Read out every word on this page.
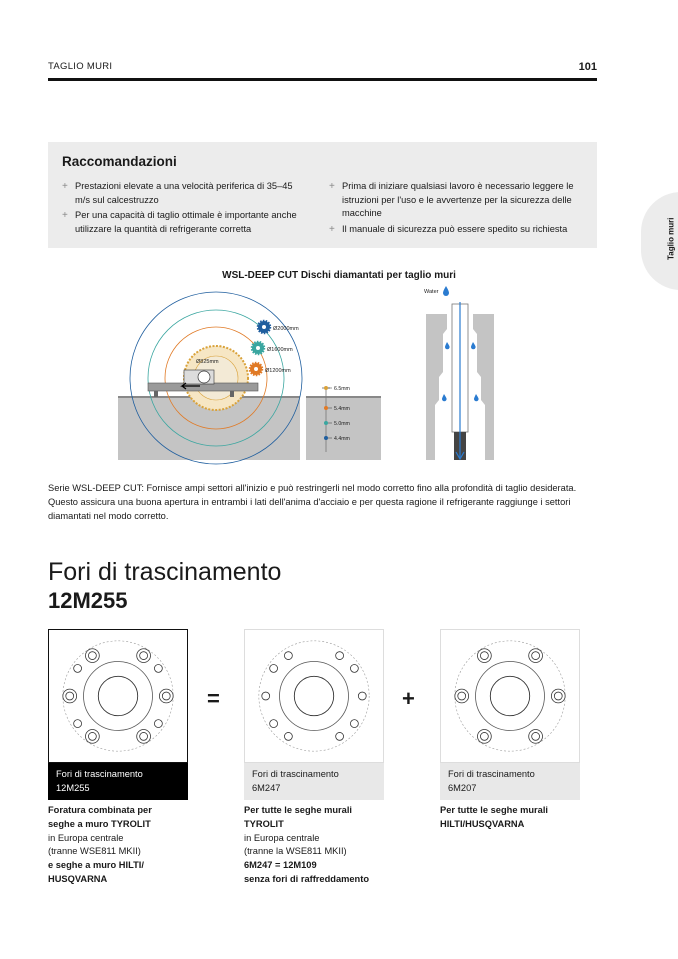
TAGLIO MURI	101
Taglio muri
Raccomandazioni
+ Prestazioni elevate a una velocità periferica di 35–45 m/s sul calcestruzzo
+ Per una capacità di taglio ottimale è importante anche utilizzare la quantità di refrigerante corretta
+ Prima di iniziare qualsiasi lavoro è necessario leggere le istruzioni per l'uso e le avvertenze per la sicurezza delle macchine
+ Il manuale di sicurezza può essere spedito su richiesta
WSL-DEEP CUT Dischi diamantati per taglio muri
Ø2000mm
Ø1600mm
Ø1200mm
Ø825mm
6.5mm
5.4mm
5.0mm
4.4mm
Water

Serie WSL-DEEP CUT: Fornisce ampi settori all'inizio e può restringerli nel modo corretto fino alla profondità di taglio desiderata. Questo assicura una buona apertura in entrambi i lati dell'anima d'acciaio e per questa ragione il refrigerante raggiunge i settori diamantati nel modo corretto.

Fori di trascinamento
12M255
Fori di trascinamento
12M255
=
Fori di trascinamento
6M247
+
Fori di trascinamento
6M207
Foratura combinata per
seghe a muro TYROLIT
in Europa centrale
(tranne WSE811 MKII)
e seghe a muro HILTI/
HUSQVARNA
Per tutte le seghe murali
TYROLIT
in Europa centrale
(tranne la WSE811 MKII)
6M247 = 12M109
senza fori di raffreddamento
Per tutte le seghe murali
HILTI/HUSQVARNA
